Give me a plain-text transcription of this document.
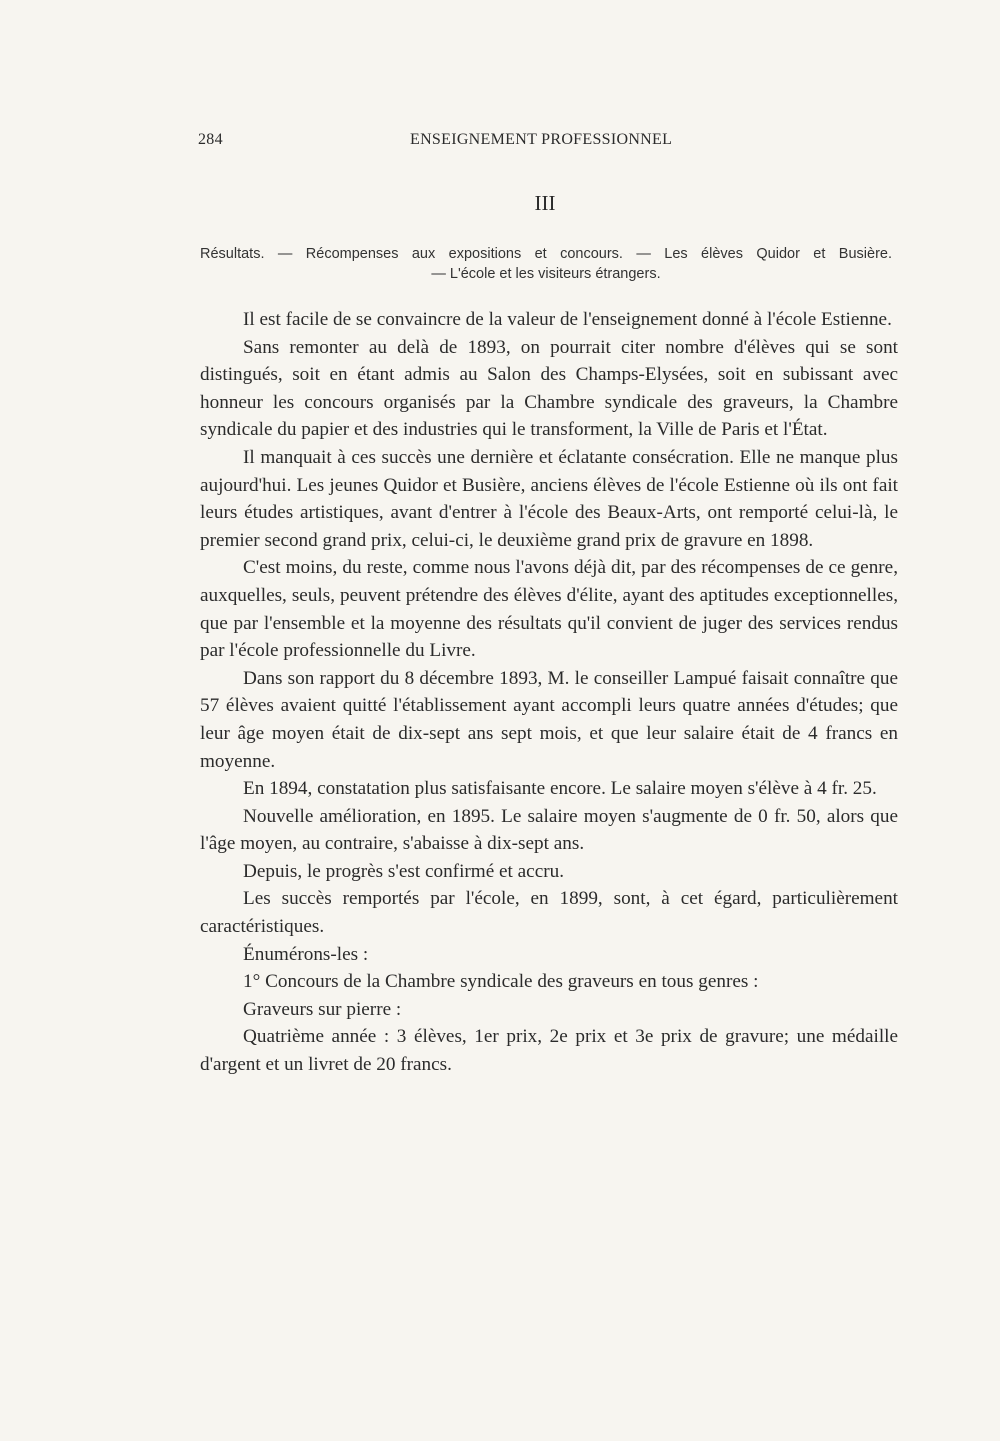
284	ENSEIGNEMENT PROFESSIONNEL
III
Résultats. — Récompenses aux expositions et concours. — Les élèves Quidor et Busière.
— L'école et les visiteurs étrangers.

Il est facile de se convaincre de la valeur de l'enseignement donné à l'école Estienne.

Sans remonter au delà de 1893, on pourrait citer nombre d'élèves qui se sont distingués, soit en étant admis au Salon des Champs-Elysées, soit en subissant avec honneur les concours organisés par la Chambre syndicale des graveurs, la Chambre syndicale du papier et des industries qui le transforment, la Ville de Paris et l'État.

Il manquait à ces succès une dernière et éclatante consécration. Elle ne manque plus aujourd'hui. Les jeunes Quidor et Busière, anciens élèves de l'école Estienne où ils ont fait leurs études artistiques, avant d'entrer à l'école des Beaux-Arts, ont remporté celui-là, le premier second grand prix, celui-ci, le deuxième grand prix de gravure en 1898.

C'est moins, du reste, comme nous l'avons déjà dit, par des récompenses de ce genre, auxquelles, seuls, peuvent prétendre des élèves d'élite, ayant des aptitudes exceptionnelles, que par l'ensemble et la moyenne des résultats qu'il convient de juger des services rendus par l'école professionnelle du Livre.

Dans son rapport du 8 décembre 1893, M. le conseiller Lampué faisait connaître que 57 élèves avaient quitté l'établissement ayant accompli leurs quatre années d'études; que leur âge moyen était de dix-sept ans sept mois, et que leur salaire était de 4 francs en moyenne.

En 1894, constatation plus satisfaisante encore. Le salaire moyen s'élève à 4 fr. 25.

Nouvelle amélioration, en 1895. Le salaire moyen s'augmente de 0 fr. 50, alors que l'âge moyen, au contraire, s'abaisse à dix-sept ans.

Depuis, le progrès s'est confirmé et accru.

Les succès remportés par l'école, en 1899, sont, à cet égard, particulièrement caractéristiques.

Énumérons-les :

1° Concours de la Chambre syndicale des graveurs en tous genres :

Graveurs sur pierre :

Quatrième année : 3 élèves, 1er prix, 2e prix et 3e prix de gravure; une médaille d'argent et un livret de 20 francs.
